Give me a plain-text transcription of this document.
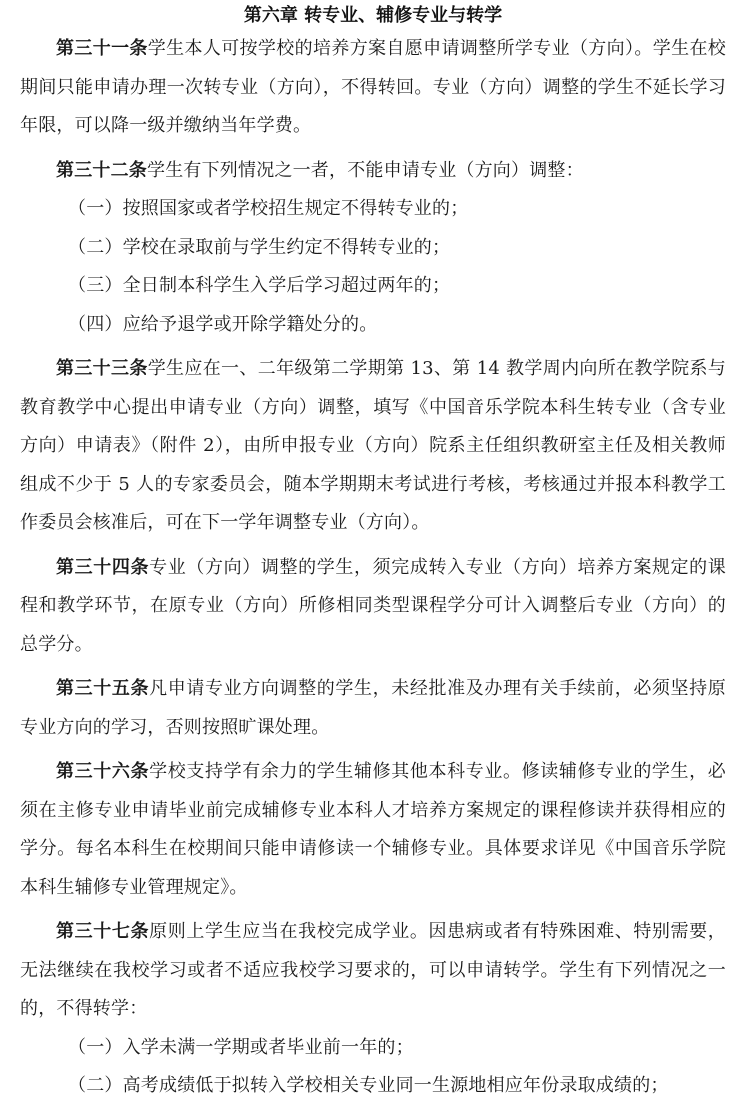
第六章 转专业、辅修专业与转学

第三十一条学生本人可按学校的培养方案自愿申请调整所学专业（方向）。学生在校期间只能申请办理一次转专业（方向），不得转回。专业（方向）调整的学生不延长学习年限，可以降一级并缴纳当年学费。

第三十二条学生有下列情况之一者，不能申请专业（方向）调整：

（一）按照国家或者学校招生规定不得转专业的；

（二）学校在录取前与学生约定不得转专业的；

（三）全日制本科学生入学后学习超过两年的；

（四）应给予退学或开除学籍处分的。

第三十三条学生应在一、二年级第二学期第 13、第 14 教学周内向所在教学院系与教育教学中心提出申请专业（方向）调整，填写《中国音乐学院本科生转专业（含专业方向）申请表》（附件 2），由所申报专业（方向）院系主任组织教研室主任及相关教师组成不少于 5 人的专家委员会，随本学期期末考试进行考核，考核通过并报本科教学工作委员会核准后，可在下一学年调整专业（方向）。

第三十四条专业（方向）调整的学生，须完成转入专业（方向）培养方案规定的课程和教学环节，在原专业（方向）所修相同类型课程学分可计入调整后专业（方向）的总学分。

第三十五条凡申请专业方向调整的学生，未经批准及办理有关手续前，必须坚持原专业方向的学习，否则按照旷课处理。

第三十六条学校支持学有余力的学生辅修其他本科专业。修读辅修专业的学生，必须在主修专业申请毕业前完成辅修专业本科人才培养方案规定的课程修读并获得相应的学分。每名本科生在校期间只能申请修读一个辅修专业。具体要求详见《中国音乐学院本科生辅修专业管理规定》。

第三十七条原则上学生应当在我校完成学业。因患病或者有特殊困难、特别需要，无法继续在我校学习或者不适应我校学习要求的，可以申请转学。学生有下列情况之一的，不得转学：

（一）入学未满一学期或者毕业前一年的；

（二）高考成绩低于拟转入学校相关专业同一生源地相应年份录取成绩的；
